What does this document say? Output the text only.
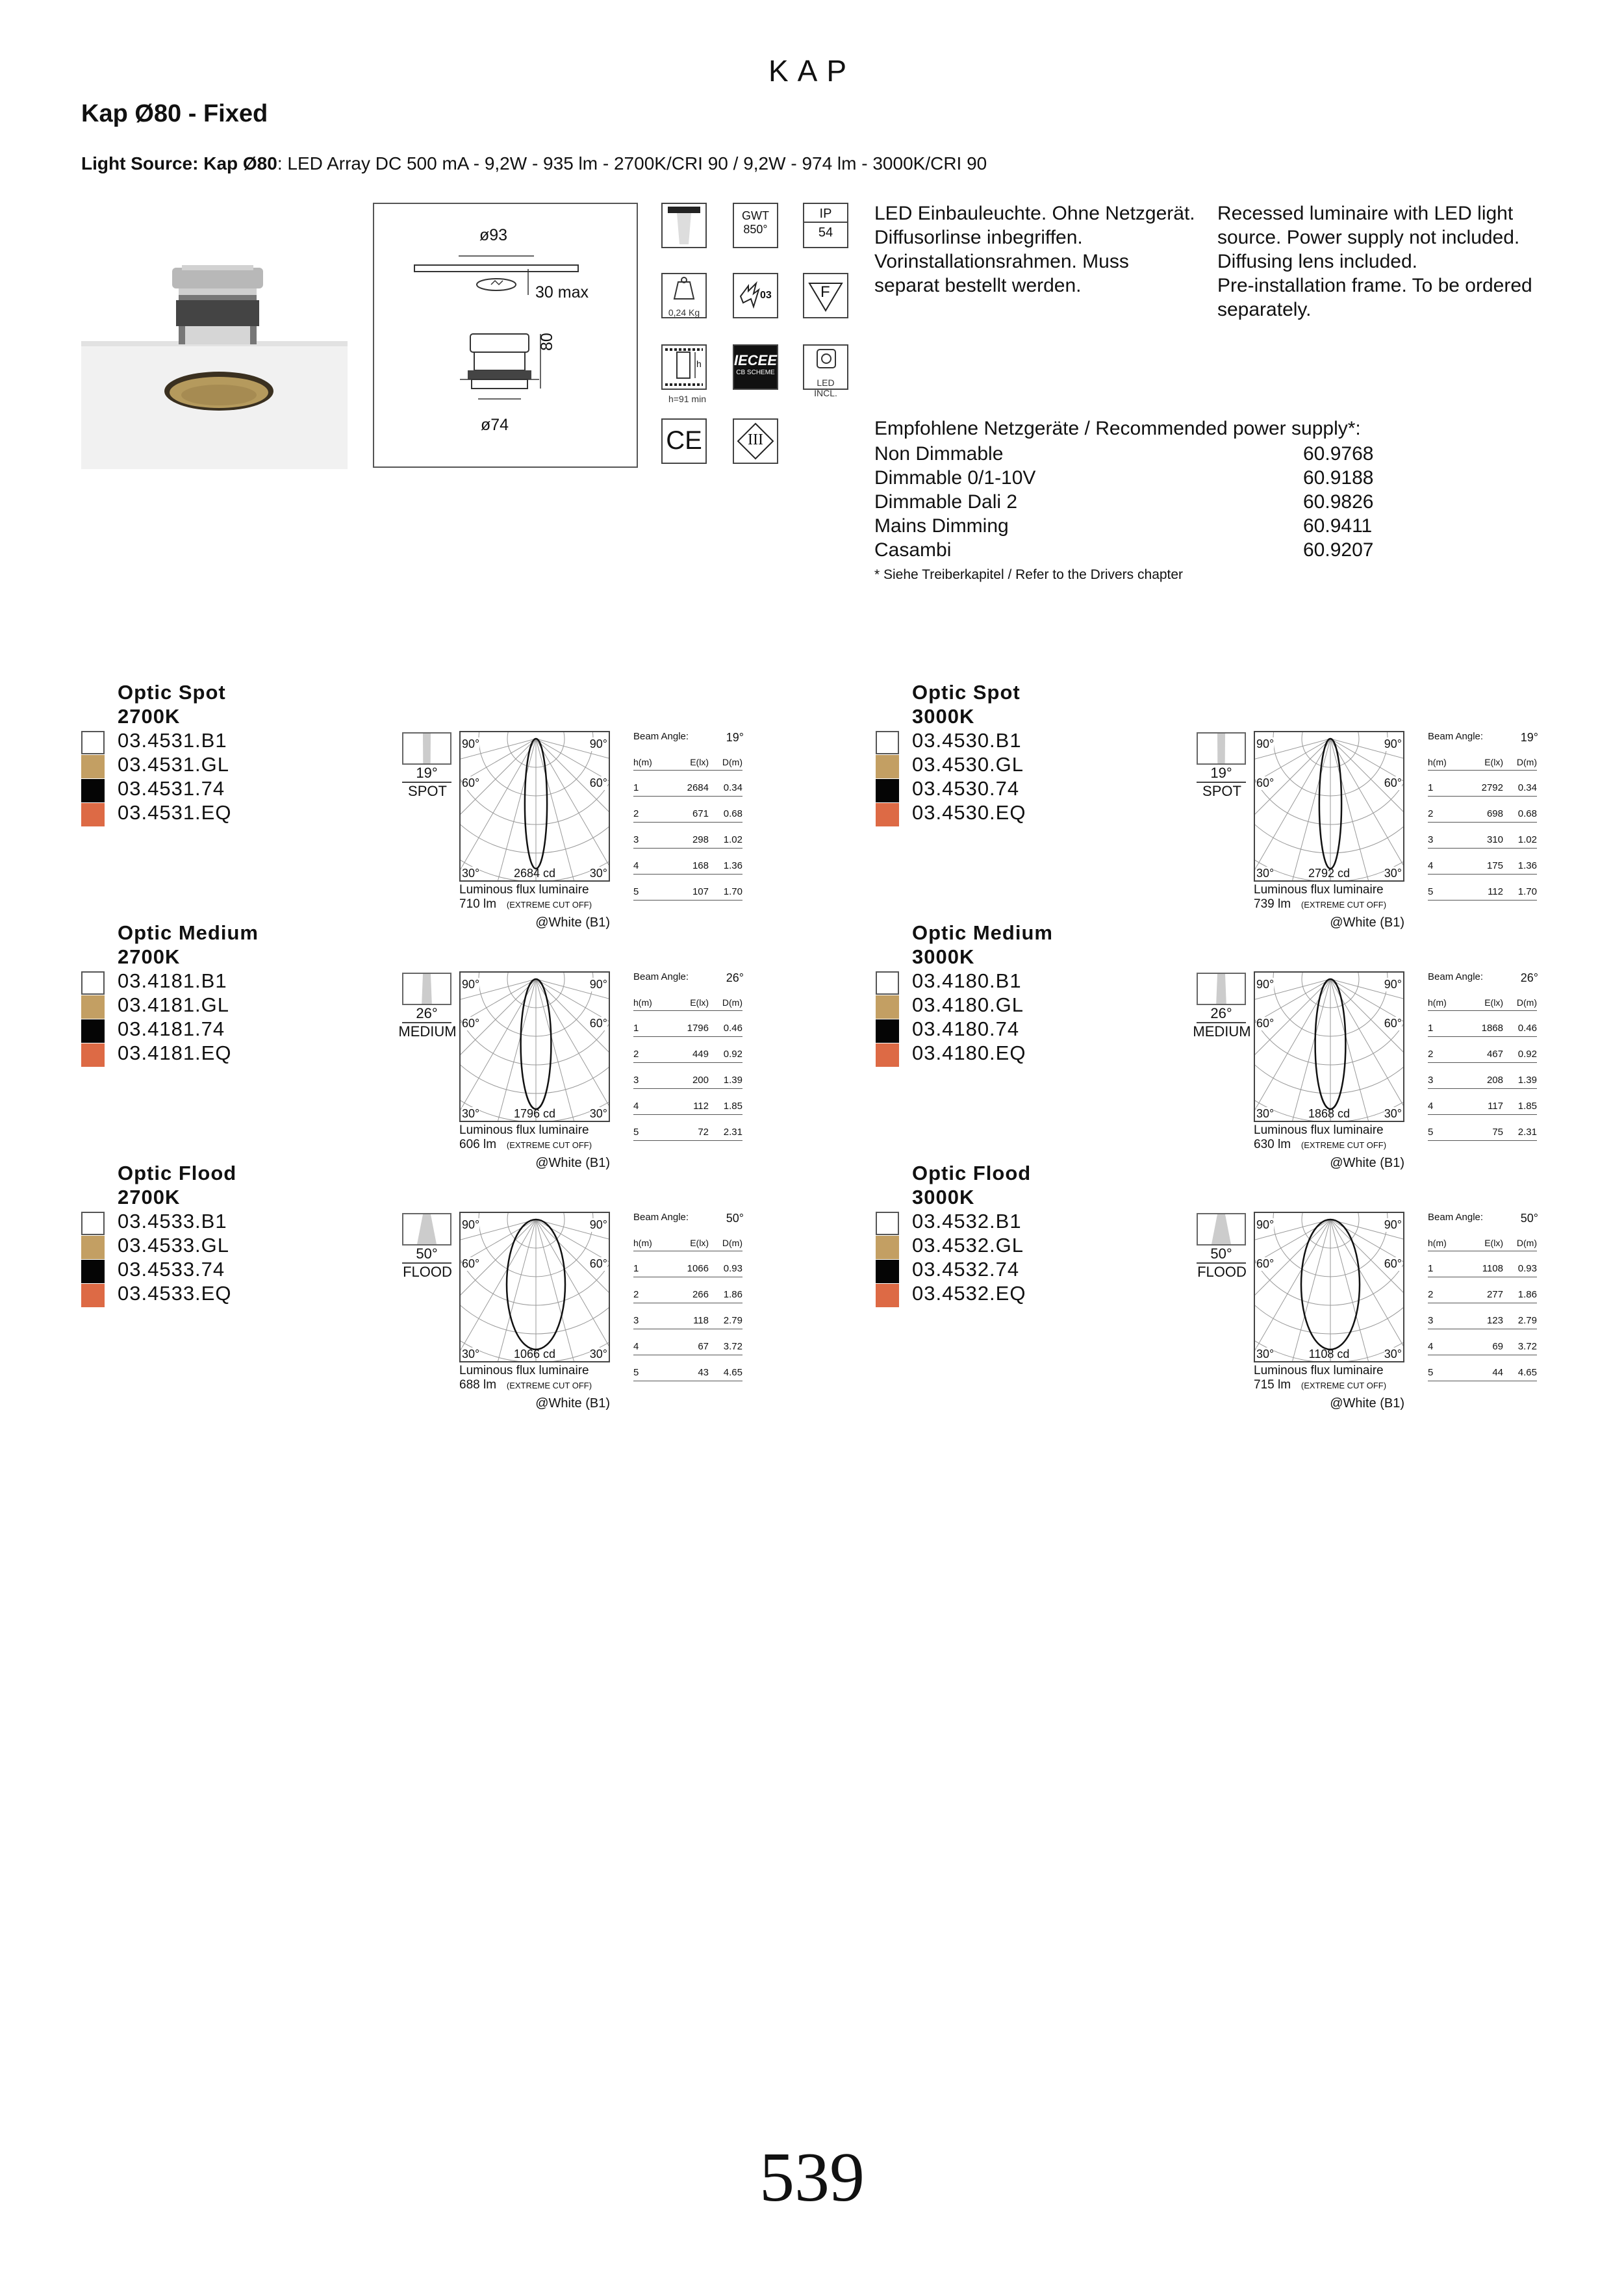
KAP
Kap Ø80 - Fixed
Light Source: Kap Ø80: LED Array DC 500 mA - 9,2W - 935 lm - 2700K/CRI 90 / 9,2W - 974 lm - 3000K/CRI 90
ø93
30 max
80
ø74
GWT
850°
IP
54
0,24 Kg
03	F
h
h=91 min
IECEE
CB SCHEME
LED INCL.
CE	III
LED Einbauleuchte. Ohne Netzgerät.
Diffusorlinse inbegriffen.
Vorinstallationsrahmen. Muss
separat bestellt werden.
Recessed luminaire with LED light
source. Power supply not included.
Diffusing lens included.
Pre-installation frame. To be ordered
separately.
Empfohlene Netzgeräte / Recommended power supply*:
Non Dimmable	60.9768
Dimmable 0/1-10V	60.9188
Dimmable Dali 2	60.9826
Mains Dimming	60.9411
Casambi	60.9207
* Siehe Treiberkapitel / Refer to the Drivers chapter
Optic Spot
2700K
03.4531.B1
03.4531.GL
03.4531.74
03.4531.EQ
19°
SPOT
90°	90°
60°	60°
30°	30°
2684 cd
Luminous flux luminaire
710 lm (EXTREME CUT OFF)
@White (B1)
Beam Angle:	19°
h(m)	E(lx)	D(m)
1	2684	0.34
2	671	0.68
3	298	1.02
4	168	1.36
5	107	1.70
Optic Spot
3000K
03.4530.B1
03.4530.GL
03.4530.74
03.4530.EQ
19°
SPOT
90°	90°
60°	60°
30°	30°
2792 cd
Luminous flux luminaire
739 lm (EXTREME CUT OFF)
@White (B1)
Beam Angle:	19°
h(m)	E(lx)	D(m)
1	2792	0.34
2	698	0.68
3	310	1.02
4	175	1.36
5	112	1.70
Optic Medium
2700K
03.4181.B1
03.4181.GL
03.4181.74
03.4181.EQ
26°
MEDIUM
90°	90°
60°	60°
30°	30°
1796 cd
Luminous flux luminaire
606 lm (EXTREME CUT OFF)
@White (B1)
Beam Angle:	26°
h(m)	E(lx)	D(m)
1	1796	0.46
2	449	0.92
3	200	1.39
4	112	1.85
5	72	2.31
Optic Medium
3000K
03.4180.B1
03.4180.GL
03.4180.74
03.4180.EQ
26°
MEDIUM
90°	90°
60°	60°
30°	30°
1868 cd
Luminous flux luminaire
630 lm (EXTREME CUT OFF)
@White (B1)
Beam Angle:	26°
h(m)	E(lx)	D(m)
1	1868	0.46
2	467	0.92
3	208	1.39
4	117	1.85
5	75	2.31
Optic Flood
2700K
03.4533.B1
03.4533.GL
03.4533.74
03.4533.EQ
50°
FLOOD
90°	90°
60°	60°
30°	30°
1066 cd
Luminous flux luminaire
688 lm (EXTREME CUT OFF)
@White (B1)
Beam Angle:	50°
h(m)	E(lx)	D(m)
1	1066	0.93
2	266	1.86
3	118	2.79
4	67	3.72
5	43	4.65
Optic Flood
3000K
03.4532.B1
03.4532.GL
03.4532.74
03.4532.EQ
50°
FLOOD
90°	90°
60°	60°
30°	30°
1108 cd
Luminous flux luminaire
715 lm (EXTREME CUT OFF)
@White (B1)
Beam Angle:	50°
h(m)	E(lx)	D(m)
1	1108	0.93
2	277	1.86
3	123	2.79
4	69	3.72
5	44	4.65
539
